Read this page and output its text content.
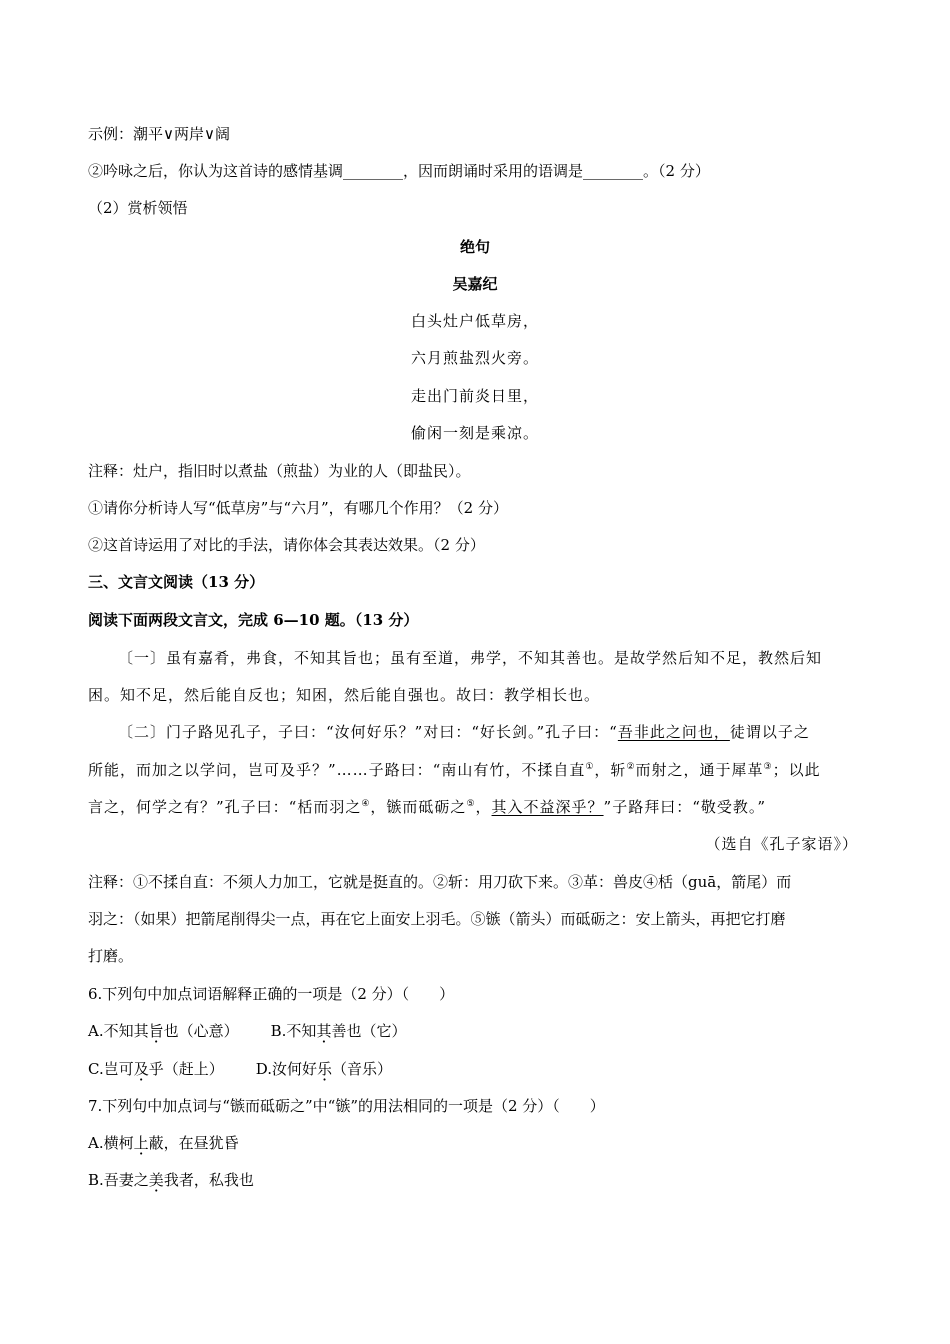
示例：潮平∨两岸∨阔
②吟咏之后，你认为这首诗的感情基调________，因而朗诵时采用的语调是________。（2 分）
（2）赏析领悟
绝句
吴嘉纪
白头灶户低草房，
六月煎盐烈火旁。
走出门前炎日里，
偷闲一刻是乘凉。
注释：灶户，指旧时以煮盐（煎盐）为业的人（即盐民）。
①请你分析诗人写“低草房”与“六月”，有哪几个作用？（2 分）
②这首诗运用了对比的手法，请你体会其表达效果。（2 分）
三、文言文阅读（13 分）
阅读下面两段文言文，完成 6—10 题。（13 分）
〔一〕虽有嘉肴，弗食，不知其旨也；虽有至道，弗学，不知其善也。是故学然后知不足，教然后知
困。知不足，然后能自反也；知困，然后能自强也。故曰：教学相长也。
〔二〕门子路见孔子，子曰：“汝何好乐？”对曰：“好长剑。”孔子曰：“吾非此之问也，徒谓以子之
所能，而加之以学问，岂可及乎？”……子路曰：“南山有竹，不揉自直①，斩②而射之，通于犀革③；以此
言之，何学之有？”孔子曰：“栝而羽之④，镞而砥砺之⑤，其入不益深乎？”子路拜曰：“敬受教。”
（选自《孔子家语》）
注释：①不揉自直：不须人力加工，它就是挺直的。②斩：用刀砍下来。③革：兽皮④栝（guā，箭尾）而
羽之：（如果）把箭尾削得尖一点，再在它上面安上羽毛。⑤镞（箭头）而砥砺之：安上箭头，再把它打磨
打磨。
6.下列句中加点词语解释正确的一项是（2 分）（　　）
A.不知其旨也（心意） B.不知其善也（它）
C.岂可及乎（赶上） D.汝何好乐（音乐）
7.下列句中加点词与“镞而砥砺之”中“镞”的用法相同的一项是（2 分）（　　）
A.横柯上蔽，在昼犹昏
B.吾妻之美我者，私我也
